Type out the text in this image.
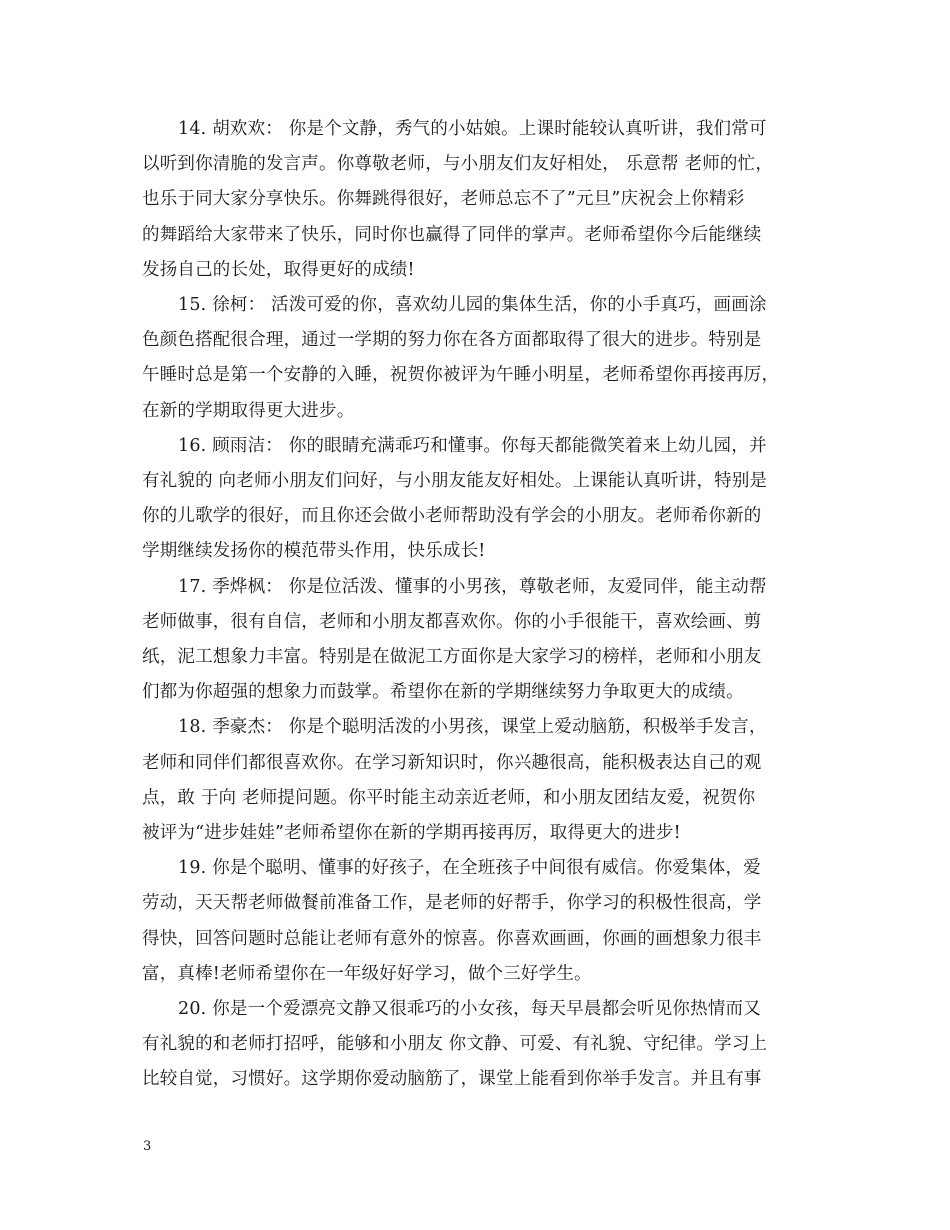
14. 胡欢欢： 你是个文静，秀气的小姑娘。上课时能较认真听讲，我们常可
以听到你清脆的发言声。你尊敬老师，与小朋友们友好相处， 乐意帮 老师的忙，
也乐于同大家分享快乐。你舞跳得很好，老师总忘不了”元旦”庆祝会上你精彩
的舞蹈给大家带来了快乐，同时你也赢得了同伴的掌声。老师希望你今后能继续
发扬自己的长处，取得更好的成绩!

15. 徐柯： 活泼可爱的你，喜欢幼儿园的集体生活，你的小手真巧，画画涂
色颜色搭配很合理，通过一学期的努力你在各方面都取得了很大的进步。特别是
午睡时总是第一个安静的入睡，祝贺你被评为午睡小明星，老师希望你再接再厉，
在新的学期取得更大进步。

16. 顾雨洁： 你的眼睛充满乖巧和懂事。你每天都能微笑着来上幼儿园，并
有礼貌的 向老师小朋友们问好，与小朋友能友好相处。上课能认真听讲，特别是
你的儿歌学的很好，而且你还会做小老师帮助没有学会的小朋友。老师希你新的
学期继续发扬你的模范带头作用，快乐成长!

17. 季烨枫： 你是位活泼、懂事的小男孩，尊敬老师，友爱同伴，能主动帮
老师做事，很有自信，老师和小朋友都喜欢你。你的小手很能干，喜欢绘画、剪
纸，泥工想象力丰富。特别是在做泥工方面你是大家学习的榜样，老师和小朋友
们都为你超强的想象力而鼓掌。希望你在新的学期继续努力争取更大的成绩。

18. 季豪杰： 你是个聪明活泼的小男孩，课堂上爱动脑筋，积极举手发言，
老师和同伴们都很喜欢你。在学习新知识时，你兴趣很高，能积极表达自己的观
点，敢 于向 老师提问题。你平时能主动亲近老师，和小朋友团结友爱，祝贺你
被评为“进步娃娃”老师希望你在新的学期再接再厉，取得更大的进步!

19. 你是个聪明、懂事的好孩子，在全班孩子中间很有威信。你爱集体，爱
劳动，天天帮老师做餐前准备工作，是老师的好帮手，你学习的积极性很高，学
得快，回答问题时总能让老师有意外的惊喜。你喜欢画画，你画的画想象力很丰
富，真棒!老师希望你在一年级好好学习，做个三好学生。

20. 你是一个爱漂亮文静又很乖巧的小女孩，每天早晨都会听见你热情而又
有礼貌的和老师打招呼，能够和小朋友 你文静、可爱、有礼貌、守纪律。学习上
比较自觉，习惯好。这学期你爱动脑筋了，课堂上能看到你举手发言。并且有事

3
